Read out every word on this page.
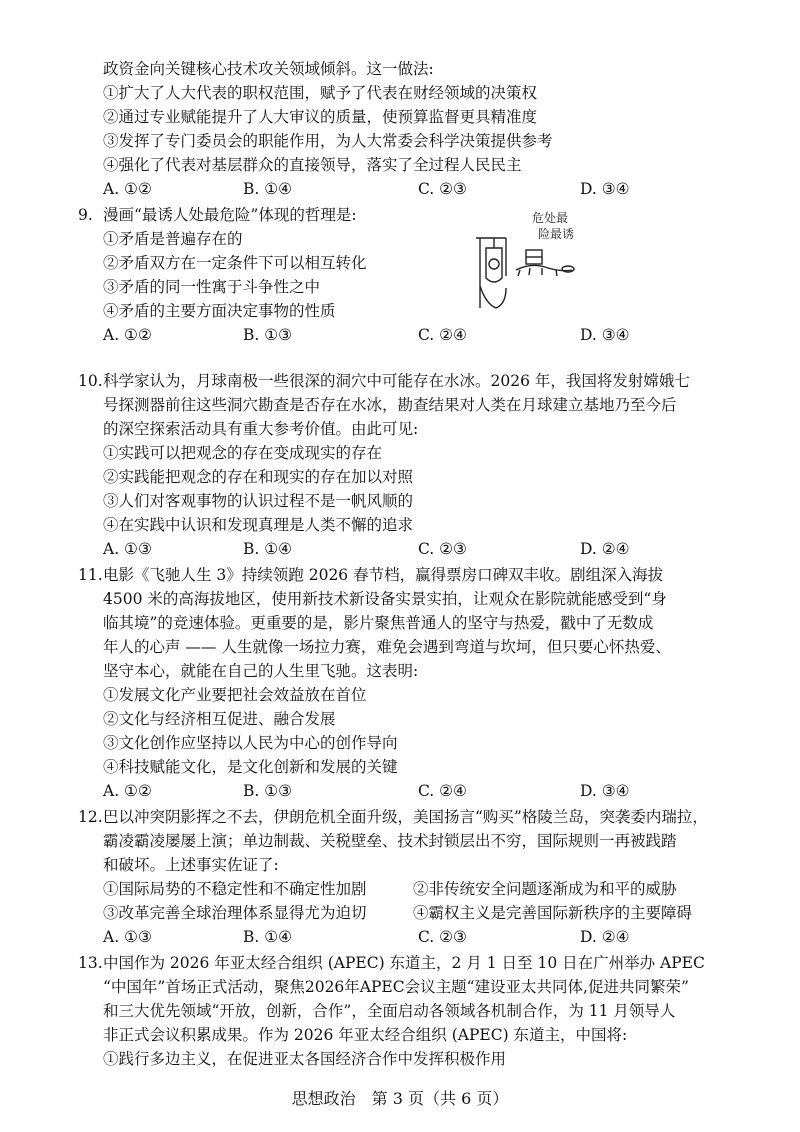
政资金向关键核心技术攻关领域倾斜。这一做法:
①扩大了人大代表的职权范围，赋予了代表在财经领域的决策权
②通过专业赋能提升了人大审议的质量，使预算监督更具精准度
③发挥了专门委员会的职能作用，为人大常委会科学决策提供参考
④强化了代表对基层群众的直接领导，落实了全过程人民民主
A. ①②	B. ①④	C. ②③	D. ③④
9. 漫画“最诱人处最危险”体现的哲理是:
①矛盾是普遍存在的
②矛盾双方在一定条件下可以相互转化
③矛盾的同一性寓于斗争性之中
④矛盾的主要方面决定事物的性质
A. ①②	B. ①③	C. ②④	D. ③④
危处最
险最诱
10. 科学家认为，月球南极一些很深的洞穴中可能存在水冰。2026 年，我国将发射嫦娥七
号探测器前往这些洞穴勘查是否存在水冰，勘查结果对人类在月球建立基地乃至今后
的深空探索活动具有重大参考价值。由此可见:
①实践可以把观念的存在变成现实的存在
②实践能把观念的存在和现实的存在加以对照
③人们对客观事物的认识过程不是一帆风顺的
④在实践中认识和发现真理是人类不懈的追求
A. ①③	B. ①④	C. ②③	D. ②④
11. 电影《飞驰人生 3》持续领跑 2026 春节档，赢得票房口碑双丰收。剧组深入海拔
4500 米的高海拔地区，使用新技术新设备实景实拍，让观众在影院就能感受到“身
临其境”的竞速体验。更重要的是，影片聚焦普通人的坚守与热爱，戳中了无数成
年人的心声 —— 人生就像一场拉力赛，难免会遇到弯道与坎坷，但只要心怀热爱、
坚守本心，就能在自己的人生里飞驰。这表明:
①发展文化产业要把社会效益放在首位
②文化与经济相互促进、融合发展
③文化创作应坚持以人民为中心的创作导向
④科技赋能文化，是文化创新和发展的关键
A. ①②	B. ①③	C. ②④	D. ③④
12. 巴以冲突阴影挥之不去，伊朗危机全面升级，美国扬言“购买”格陵兰岛，突袭委内瑞拉，
霸凌霸凌屡屡上演；单边制裁、关税壁垒、技术封锁层出不穷，国际规则一再被践踏
和破坏。上述事实佐证了:
①国际局势的不稳定性和不确定性加剧	②非传统安全问题逐渐成为和平的威胁
③改革完善全球治理体系显得尤为迫切	④霸权主义是完善国际新秩序的主要障碍
A. ①③	B. ①④	C. ②③	D. ②④
13. 中国作为 2026 年亚太经合组织 (APEC) 东道主，2 月 1 日至 10 日在广州举办 APEC
“中国年”首场正式活动，聚焦2026年APEC会议主题“建设亚太共同体,促进共同繁荣”
和三大优先领域“开放，创新，合作”，全面启动各领域各机制合作，为 11 月领导人
非正式会议积累成果。作为 2026 年亚太经合组织 (APEC) 东道主，中国将:
①践行多边主义，在促进亚太各国经济合作中发挥积极作用
思想政治　第 3 页（共 6 页）
